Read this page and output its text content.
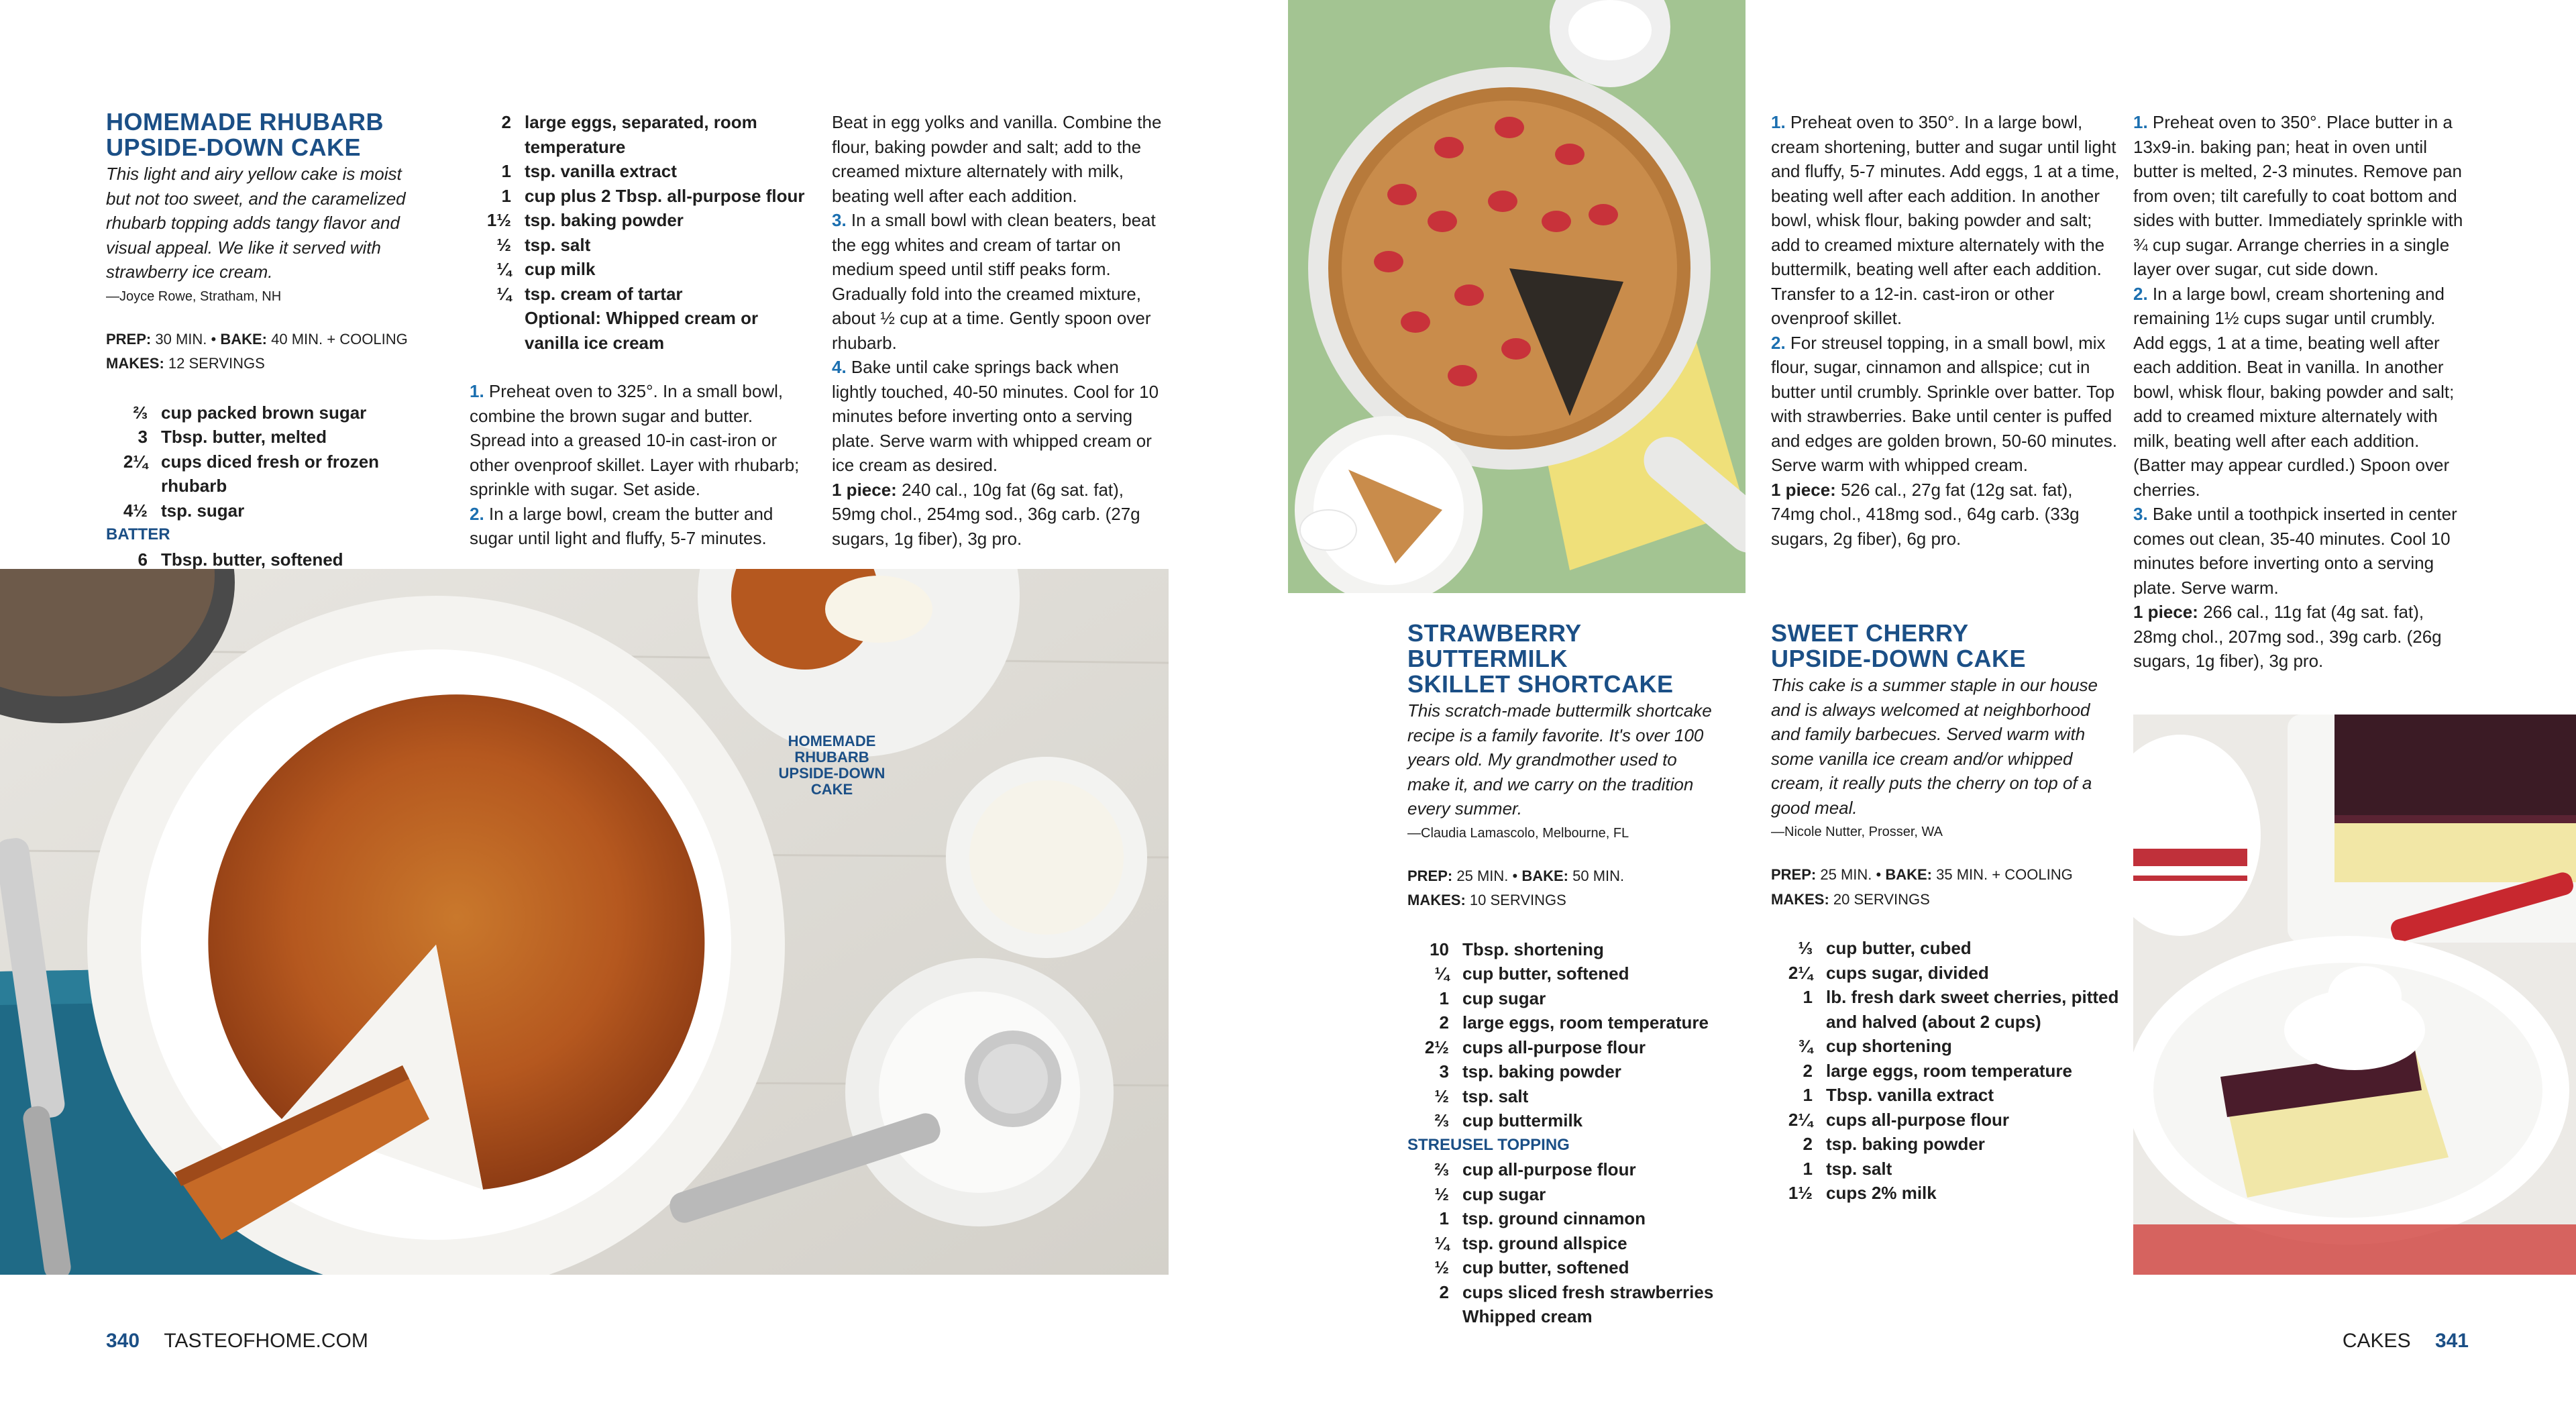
HOMEMADE RHUBARB
UPSIDE-DOWN CAKE

This light and airy yellow cake is moist but not too sweet, and the caramelized rhubarb topping adds tangy flavor and visual appeal. We like it served with strawberry ice cream.

—Joyce Rowe, Stratham, NH

PREP: 30 MIN. • BAKE: 40 MIN. + COOLING

MAKES: 12 SERVINGS

⅔ cup packed brown sugar
3 Tbsp. butter, melted
2¼ cups diced fresh or frozen rhubarb
4½ tsp. sugar

BATTER

6 Tbsp. butter, softened
2 large eggs, separated, room temperature
1 tsp. vanilla extract
1 cup plus 2 Tbsp. all-purpose flour
1½ tsp. baking powder
½ tsp. salt
¼ cup milk
¼ tsp. cream of tartar
Optional: Whipped cream or vanilla ice cream

1. Preheat oven to 325°. In a small bowl, combine the brown sugar and butter. Spread into a greased 10-in cast-iron or other ovenproof skillet. Layer with rhubarb; sprinkle with sugar. Set aside.

2. In a large bowl, cream the butter and sugar until light and fluffy, 5-7 minutes.

Beat in egg yolks and vanilla. Combine the flour, baking powder and salt; add to the creamed mixture alternately with milk, beating well after each addition.

3. In a small bowl with clean beaters, beat the egg whites and cream of tartar on medium speed until stiff peaks form. Gradually fold into the creamed mixture, about ½ cup at a time. Gently spoon over rhubarb.

4. Bake until cake springs back when lightly touched, 40-50 minutes. Cool for 10 minutes before inverting onto a serving plate. Serve warm with whipped cream or ice cream as desired.

1 piece: 240 cal., 10g fat (6g sat. fat), 59mg chol., 254mg sod., 36g carb. (27g sugars, 1g fiber), 3g pro.

HOMEMADE RHUBARB
UPSIDE-DOWN CAKE
340 TASTEOFHOME.COM
STRAWBERRY BUTTERMILK
SKILLET SHORTCAKE

This scratch-made buttermilk shortcake recipe is a family favorite. It's over 100 years old. My grandmother used to make it, and we carry on the tradition every summer.

—Claudia Lamascolo, Melbourne, FL

PREP: 25 MIN. • BAKE: 50 MIN.

MAKES: 10 SERVINGS

10 Tbsp. shortening
¼ cup butter, softened
1 cup sugar
2 large eggs, room temperature
2½ cups all-purpose flour
3 tsp. baking powder
½ tsp. salt
⅔ cup buttermilk

STREUSEL TOPPING

⅔ cup all-purpose flour
½ cup sugar
1 tsp. ground cinnamon
¼ tsp. ground allspice
½ cup butter, softened
2 cups sliced fresh strawberries
Whipped cream

1. Preheat oven to 350°. In a large bowl, cream shortening, butter and sugar until light and fluffy, 5-7 minutes. Add eggs, 1 at a time, beating well after each addition. In another bowl, whisk flour, baking powder and salt; add to creamed mixture alternately with the buttermilk, beating well after each addition. Transfer to a 12-in. cast-iron or other ovenproof skillet.

2. For streusel topping, in a small bowl, mix flour, sugar, cinnamon and allspice; cut in butter until crumbly. Sprinkle over batter. Top with strawberries. Bake until center is puffed and edges are golden brown, 50-60 minutes. Serve warm with whipped cream.

1 piece: 526 cal., 27g fat (12g sat. fat), 74mg chol., 418mg sod., 64g carb. (33g sugars, 2g fiber), 6g pro.

SWEET CHERRY
UPSIDE-DOWN CAKE

This cake is a summer staple in our house and is always welcomed at neighborhood and family barbecues. Served warm with some vanilla ice cream and/or whipped cream, it really puts the cherry on top of a good meal.

—Nicole Nutter, Prosser, WA

PREP: 25 MIN. • BAKE: 35 MIN. + COOLING

MAKES: 20 SERVINGS

⅓ cup butter, cubed
2¼ cups sugar, divided
1 lb. fresh dark sweet cherries, pitted and halved (about 2 cups)
¾ cup shortening
2 large eggs, room temperature
1 Tbsp. vanilla extract
2¼ cups all-purpose flour
2 tsp. baking powder
1 tsp. salt
1½ cups 2% milk

1. Preheat oven to 350°. Place butter in a 13x9-in. baking pan; heat in oven until butter is melted, 2-3 minutes. Remove pan from oven; tilt carefully to coat bottom and sides with butter. Immediately sprinkle with ¾ cup sugar. Arrange cherries in a single layer over sugar, cut side down.

2. In a large bowl, cream shortening and remaining 1½ cups sugar until crumbly. Add eggs, 1 at a time, beating well after each addition. Beat in vanilla. In another bowl, whisk flour, baking powder and salt; add to creamed mixture alternately with milk, beating well after each addition. (Batter may appear curdled.) Spoon over cherries.

3. Bake until a toothpick inserted in center comes out clean, 35-40 minutes. Cool 10 minutes before inverting onto a serving plate. Serve warm.

1 piece: 266 cal., 11g fat (4g sat. fat), 28mg chol., 207mg sod., 39g carb. (26g sugars, 1g fiber), 3g pro.

CAKES 341
